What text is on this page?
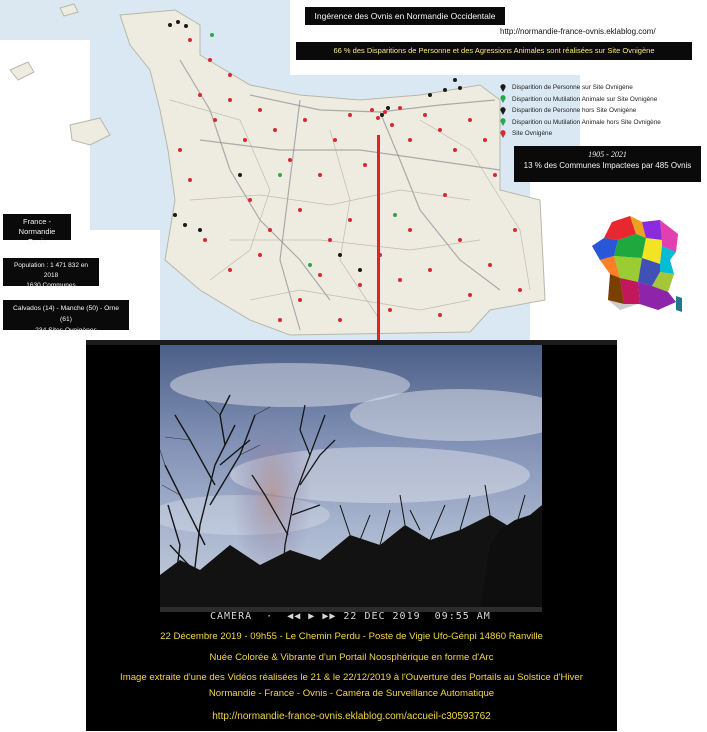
Ingérence des Ovnis en Normandie Occidentale
http://normandie-france-ovnis.eklablog.com/
66 % des Disparitions de Personne et des Agressions Animales sont réalisées sur Site Ovnigène
Disparition de Personne sur Site Ovnigène
Disparition ou Mutilation Animale sur Site Ovnigène
Disparition de Personne hors Site Ovnigène
Disparition ou Mutilation Animale hors Site Ovnigène
Site Ovnigène
1905 - 2021
13 % des Communes Impactees par 485 Ovnis
France - Normandie
Ovnis
Population : 1 471 832 en 2018
1630 Communes
Calvados (14) - Manche (50) - Orne (61)
234 Sites Ovnigènes
CAMERA  ·  ◀◀ ▶ ▶▶ 22 DEC 2019  09:55 AM
22 Décembre 2019 - 09h55 - Le Chemin Perdu - Poste de Vigie Ufo-Génpi 14860 Ranville
Nuée Colorée & Vibrante d'un Portail Noosphérique en forme d'Arc
Image extraite d'une des Vidéos réalisées le 21 & le 22/12/2019 à l'Ouverture des Portails au Solstice d'Hiver
Normandie - France - Ovnis - Caméra de Surveillance Automatique
http://normandie-france-ovnis.eklablog.com/accueil-c30593762
